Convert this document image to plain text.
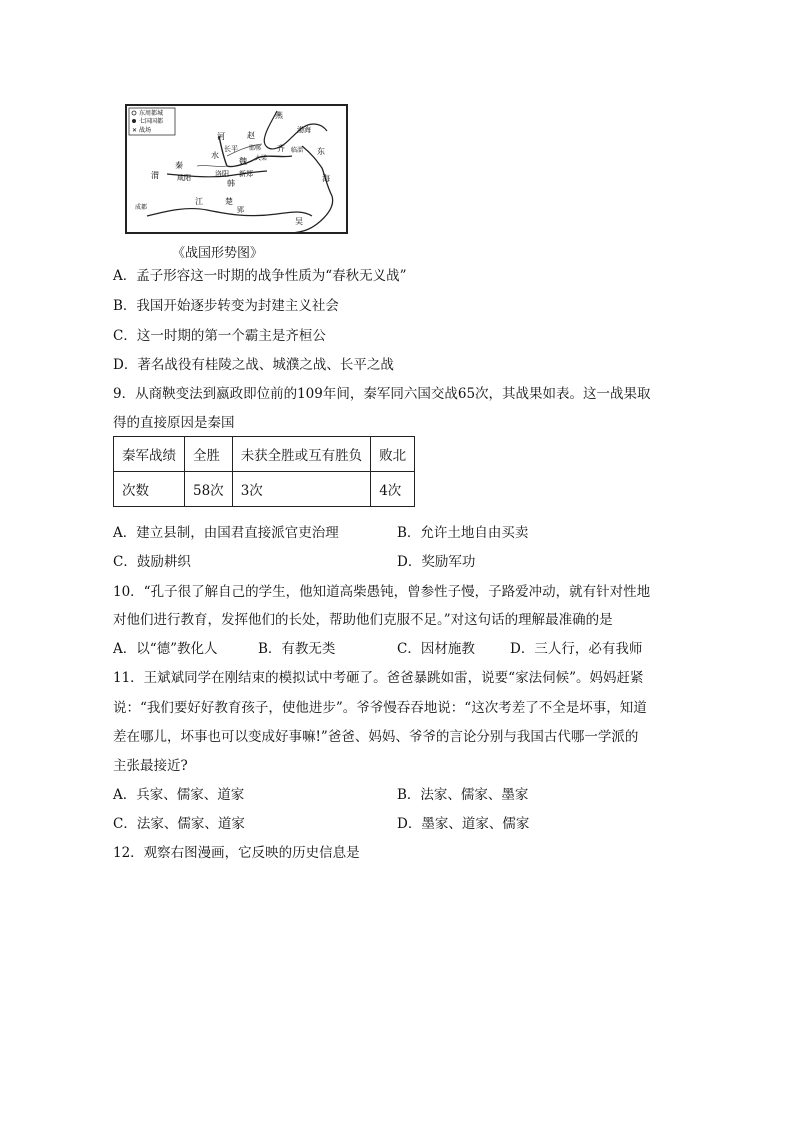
✕
东周都城
七国国都
战场
燕
渤海
河	赵
齐 临淄
长平 邯郸
大梁
水
魏
秦
咸阳
渭	洛阳 新郑
韩
东
海
成都
江	楚
郢
吴
《战国形势图》
A．孟子形容这一时期的战争性质为“春秋无义战”
B．我国开始逐步转变为封建主义社会
C．这一时期的第一个霸主是齐桓公
D．著名战役有桂陵之战、城濮之战、长平之战
9．从商鞅变法到嬴政即位前的109年间，秦军同六国交战65次，其战果如表。这一战果取
得的直接原因是秦国
秦军战绩	全胜	未获全胜或互有胜负	败北
次数	58次	3次	4次
A．建立县制，由国君直接派官吏治理	B．允许土地自由买卖
C．鼓励耕织	D．奖励军功
10．“孔子很了解自己的学生，他知道高柴愚钝，曾参性子慢，子路爱冲动，就有针对性地
对他们进行教育，发挥他们的长处，帮助他们克服不足。”对这句话的理解最准确的是
A．以“德”教化人	B．有教无类	C．因材施教	D．三人行，必有我师
11．王斌斌同学在刚结束的模拟试中考砸了。爸爸暴跳如雷，说要“家法伺候”。妈妈赶紧
说：“我们要好好教育孩子，使他进步”。爷爷慢吞吞地说：“这次考差了不全是坏事，知道
差在哪儿，坏事也可以变成好事嘛!”爸爸、妈妈、爷爷的言论分别与我国古代哪一学派的
主张最接近?
A．兵家、儒家、道家	B．法家、儒家、墨家
C．法家、儒家、道家	D．墨家、道家、儒家
12．观察右图漫画，它反映的历史信息是
